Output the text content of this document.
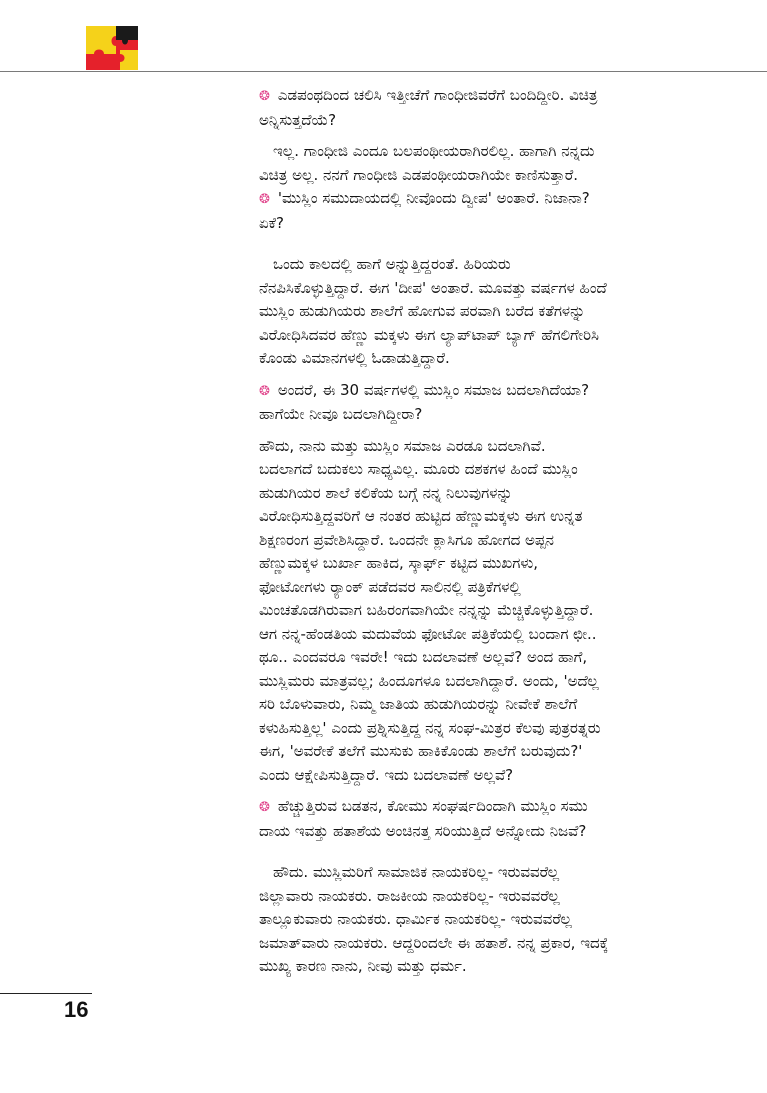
❂ ಎಡಪಂಥದಿಂದ ಚಲಿಸಿ ಇತ್ತೀಚೆಗೆ ಗಾಂಧೀಜಿವರೆಗೆ ಬಂದಿದ್ದೀರಿ. ವಿಚಿತ್ರ
ಅನ್ನಿಸುತ್ತದೆಯೆ?

ಇಲ್ಲ. ಗಾಂಧೀಜಿ ಎಂದೂ ಬಲಪಂಥೀಯರಾಗಿರಲಿಲ್ಲ. ಹಾಗಾಗಿ ನನ್ನದು
ವಿಚಿತ್ರ ಅಲ್ಲ. ನನಗೆ ಗಾಂಧೀಜಿ ಎಡಪಂಥೀಯರಾಗಿಯೇ ಕಾಣಿಸುತ್ತಾರೆ.

❂ 'ಮುಸ್ಲಿಂ ಸಮುದಾಯದಲ್ಲಿ ನೀವೊಂದು ದ್ವೀಪ' ಅಂತಾರೆ. ನಿಜಾನಾ?
ಏಕೆ?

ಒಂದು ಕಾಲದಲ್ಲಿ ಹಾಗೆ ಅನ್ನುತ್ತಿದ್ದರಂತೆ. ಹಿರಿಯರು
ನೆನಪಿಸಿಕೊಳ್ಳುತ್ತಿದ್ದಾರೆ. ಈಗ 'ದೀಪ' ಅಂತಾರೆ. ಮೂವತ್ತು ವರ್ಷಗಳ ಹಿಂದೆ
ಮುಸ್ಲಿಂ ಹುಡುಗಿಯರು ಶಾಲೆಗೆ ಹೋಗುವ ಪರವಾಗಿ ಬರೆದ ಕತೆಗಳನ್ನು
ವಿರೋಧಿಸಿದವರ ಹೆಣ್ಣು ಮಕ್ಕಳು ಈಗ ಲ್ಯಾಪ್‌ಟಾಪ್ ಬ್ಯಾಗ್ ಹೆಗಲಿಗೇರಿಸಿ
ಕೊಂಡು ವಿಮಾನಗಳಲ್ಲಿ ಓಡಾಡುತ್ತಿದ್ದಾರೆ.

❂ ಅಂದರೆ, ಈ 30 ವರ್ಷಗಳಲ್ಲಿ ಮುಸ್ಲಿಂ ಸಮಾಜ ಬದಲಾಗಿದೆಯಾ?
ಹಾಗೆಯೇ ನೀವೂ ಬದಲಾಗಿದ್ದೀರಾ?

ಹೌದು, ನಾನು ಮತ್ತು ಮುಸ್ಲಿಂ ಸಮಾಜ ಎರಡೂ ಬದಲಾಗಿವೆ.
ಬದಲಾಗದೆ ಬದುಕಲು ಸಾಧ್ಯವಿಲ್ಲ. ಮೂರು ದಶಕಗಳ ಹಿಂದೆ ಮುಸ್ಲಿಂ
ಹುಡುಗಿಯರ ಶಾಲೆ ಕಲಿಕೆಯ ಬಗ್ಗೆ ನನ್ನ ನಿಲುವುಗಳನ್ನು
ವಿರೋಧಿಸುತ್ತಿದ್ದವರಿಗೆ ಆ ನಂತರ ಹುಟ್ಟಿದ ಹೆಣ್ಣುಮಕ್ಕಳು ಈಗ ಉನ್ನತ
ಶಿಕ್ಷಣರಂಗ ಪ್ರವೇಶಿಸಿದ್ದಾರೆ. ಒಂದನೇ ಕ್ಲಾಸಿಗೂ ಹೋಗದ ಅಪ್ಪನ
ಹೆಣ್ಣುಮಕ್ಕಳ ಬುರ್ಖಾ ಹಾಕಿದ, ಸ್ಕಾರ್ಫ್ ಕಟ್ಟಿದ ಮುಖಗಳು,
ಫೋಟೋಗಳು ರ್‍ಯಾಂಕ್ ಪಡೆದವರ ಸಾಲಿನಲ್ಲಿ ಪತ್ರಿಕೆಗಳಲ್ಲಿ
ಮಿಂಚತೊಡಗಿರುವಾಗ ಬಹಿರಂಗವಾಗಿಯೇ ನನ್ನನ್ನು ಮೆಚ್ಚಿಕೊಳ್ಳುತ್ತಿದ್ದಾರೆ.
ಆಗ ನನ್ನ-ಹೆಂಡತಿಯ ಮದುವೆಯ ಫೋಟೋ ಪತ್ರಿಕೆಯಲ್ಲಿ ಬಂದಾಗ ಛೀ..
ಥೂ.. ಎಂದವರೂ ಇವರೇ! ಇದು ಬದಲಾವಣೆ ಅಲ್ಲವೆ? ಅಂದ ಹಾಗೆ,
ಮುಸ್ಲಿಮರು ಮಾತ್ರವಲ್ಲ; ಹಿಂದೂಗಳೂ ಬದಲಾಗಿದ್ದಾರೆ. ಅಂದು, 'ಅದೆಲ್ಲ
ಸರಿ ಬೊಳುವಾರು, ನಿಮ್ಮ ಜಾತಿಯ ಹುಡುಗಿಯರನ್ನು ನೀವೇಕೆ ಶಾಲೆಗೆ
ಕಳುಹಿಸುತ್ತಿಲ್ಲ' ಎಂದು ಪ್ರಶ್ನಿಸುತ್ತಿದ್ದ ನನ್ನ ಸಂಘ-ಮಿತ್ರರ ಕೆಲವು ಪುತ್ರರತ್ನರು
ಈಗ, 'ಅವರೇಕೆ ತಲೆಗೆ ಮುಸುಕು ಹಾಕಿಕೊಂಡು ಶಾಲೆಗೆ ಬರುವುದು?'
ಎಂದು ಆಕ್ಷೇಪಿಸುತ್ತಿದ್ದಾರೆ. ಇದು ಬದಲಾವಣೆ ಅಲ್ಲವೆ?

❂ ಹೆಚ್ಚುತ್ತಿರುವ ಬಡತನ, ಕೋಮು ಸಂಘರ್ಷದಿಂದಾಗಿ ಮುಸ್ಲಿಂ ಸಮು
ದಾಯ ಇವತ್ತು ಹತಾಶೆಯ ಅಂಚಿನತ್ತ ಸರಿಯುತ್ತಿದೆ ಅನ್ನೋದು ನಿಜವೆ?

ಹೌದು. ಮುಸ್ಲಿಮರಿಗೆ ಸಾಮಾಜಿಕ ನಾಯಕರಿಲ್ಲ- ಇರುವವರೆಲ್ಲ
ಜಿಲ್ಲಾವಾರು ನಾಯಕರು. ರಾಜಕೀಯ ನಾಯಕರಿಲ್ಲ- ಇರುವವರೆಲ್ಲ
ತಾಲ್ಲೂಕುವಾರು ನಾಯಕರು. ಧಾರ್ಮಿಕ ನಾಯಕರಿಲ್ಲ- ಇರುವವರೆಲ್ಲ
ಜಮಾತ್‌ವಾರು ನಾಯಕರು. ಆದ್ದರಿಂದಲೇ ಈ ಹತಾಶೆ. ನನ್ನ ಪ್ರಕಾರ, ಇದಕ್ಕೆ
ಮುಖ್ಯ ಕಾರಣ ನಾನು, ನೀವು ಮತ್ತು ಧರ್ಮ.

16
